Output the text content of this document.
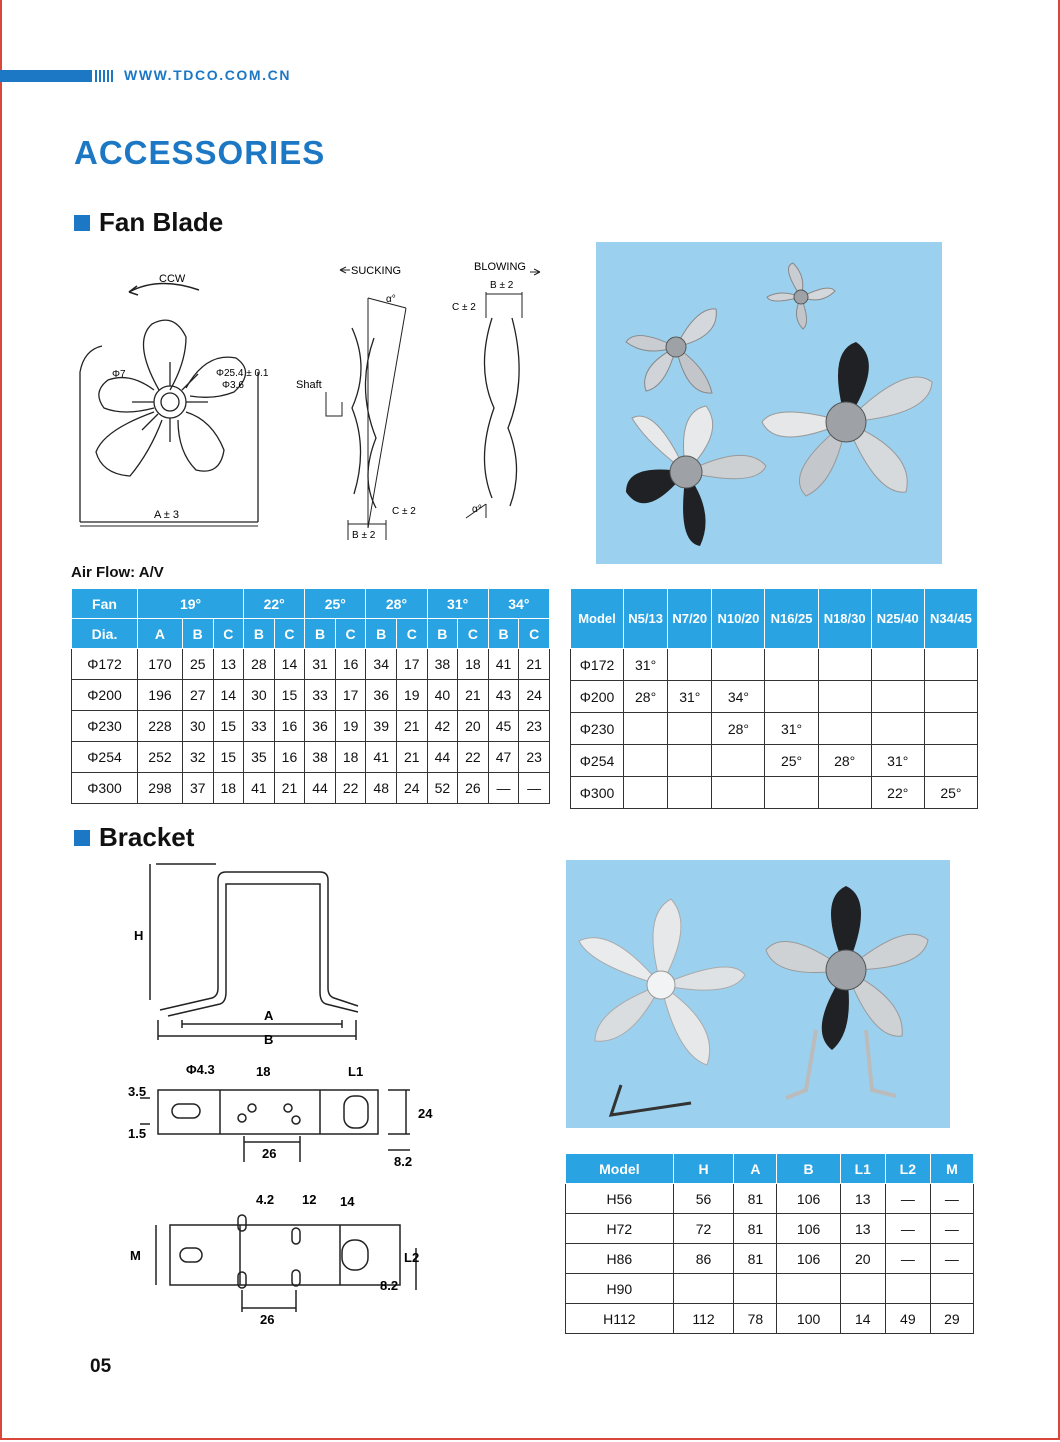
WWW.TDCO.COM.CN
ACCESSORIES
Fan Blade
CCW
Φ7	Φ25.4 ± 0.1
Φ3.6
A ± 3
SUCKING
α°
Shaft
C ± 2
B ± 2
BLOWING
B ± 2
C ± 2
α°
Air Flow: A/V
Fan	19°			22°		25°		28°		31°		34°	
Dia.	A	B	C	B	C	B	C	B	C	B	C	B	C
Φ172	170	25	13	28	14	31	16	34	17	38	18	41	21
Φ200	196	27	14	30	15	33	17	36	19	40	21	43	24
Φ230	228	30	15	33	16	36	19	39	21	42	20	45	23
Φ254	252	32	15	35	16	38	18	41	21	44	22	47	23
Φ300	298	37	18	41	21	44	22	48	24	52	26	—	—
Model	N5/13	N7/20	N10/20	N16/25	N18/30	N25/40	N34/45
Φ172	31°						
Φ200	28°	31°	34°				
Φ230			28°	31°			
Φ254				25°	28°	31°	
Φ300						22°	25°
Bracket
H
A
B
Φ4.3	18	L1
3.5
1.5
24
26
8.2
4.2 12 14
M	L2
8.2
26
Model	H	A	B	L1	L2	M
H56	56	81	106	13	—	—
H72	72	81	106	13	—	—
H86	86	81	106	20	—	—
H90						
H112	112	78	100	14	49	29
05
